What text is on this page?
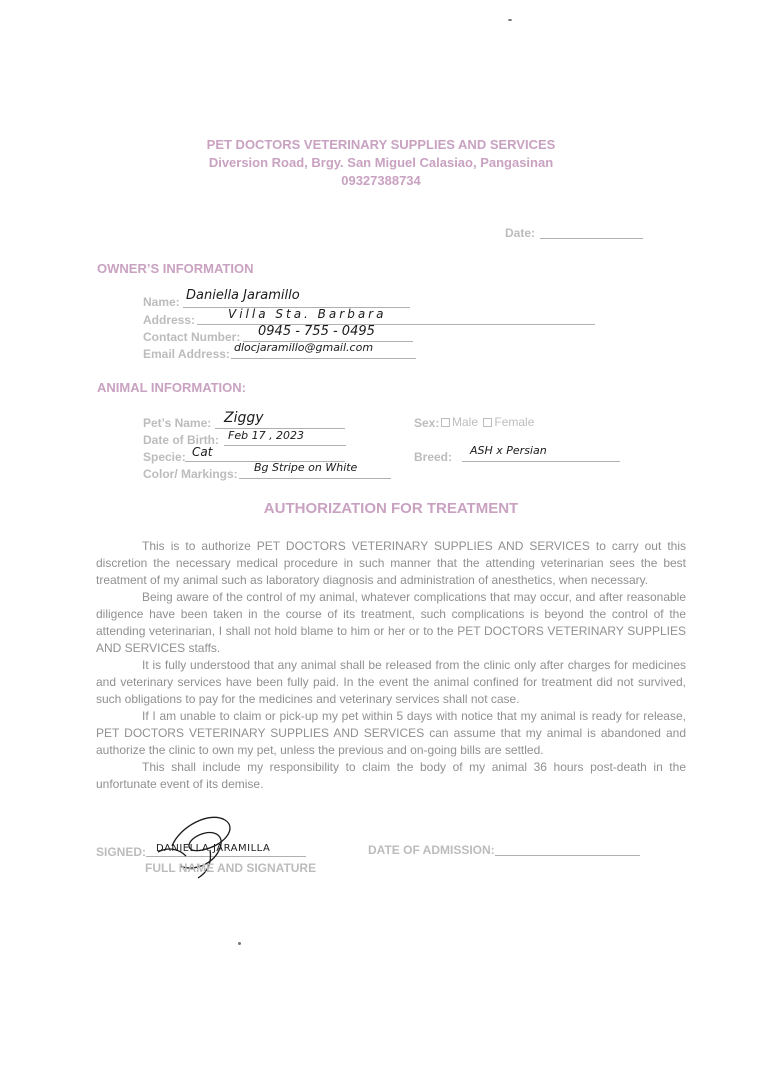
PET DOCTORS VETERINARY SUPPLIES AND SERVICES
Diversion Road, Brgy. San Miguel Calasiao, Pangasinan
09327388734
Date:
OWNER’S INFORMATION
Name: Daniella Jaramillo
Address:	Villa Sta. Barbara
Contact Number: 0945 - 755 - 0495
Email Address: dlocjaramillo@gmail.com
ANIMAL INFORMATION:
Pet’s Name: Ziggy
Date of Birth: Feb 17 , 2023
Specie: Cat
Color/ Markings: Bg Stripe on White
Sex:	Male Female
Breed: ASH x Persian
AUTHORIZATION FOR TREATMENT

This is to authorize PET DOCTORS VETERINARY SUPPLIES AND SERVICES to carry out this discretion the necessary medical procedure in such manner that the attending veterinarian sees the best treatment of my animal such as laboratory diagnosis and administration of anesthetics, when necessary.

Being aware of the control of my animal, whatever complications that may occur, and after reasonable diligence have been taken in the course of its treatment, such complications is beyond the control of the attending veterinarian, I shall not hold blame to him or her or to the PET DOCTORS VETERINARY SUPPLIES AND SERVICES staffs.

It is fully understood that any animal shall be released from the clinic only after charges for medicines and veterinary services have been fully paid. In the event the animal confined for treatment did not survived, such obligations to pay for the medicines and veterinary services shall not case.

If I am unable to claim or pick-up my pet within 5 days with notice that my animal is ready for release, PET DOCTORS VETERINARY SUPPLIES AND SERVICES can assume that my animal is abandoned and authorize the clinic to own my pet, unless the previous and on-going bills are settled.

This shall include my responsibility to claim the body of my animal 36 hours post-death in the unfortunate event of its demise.

SIGNED: DANIELLA JARAMILLA
FULL NAME AND SIGNATURE
DATE OF ADMISSION:
